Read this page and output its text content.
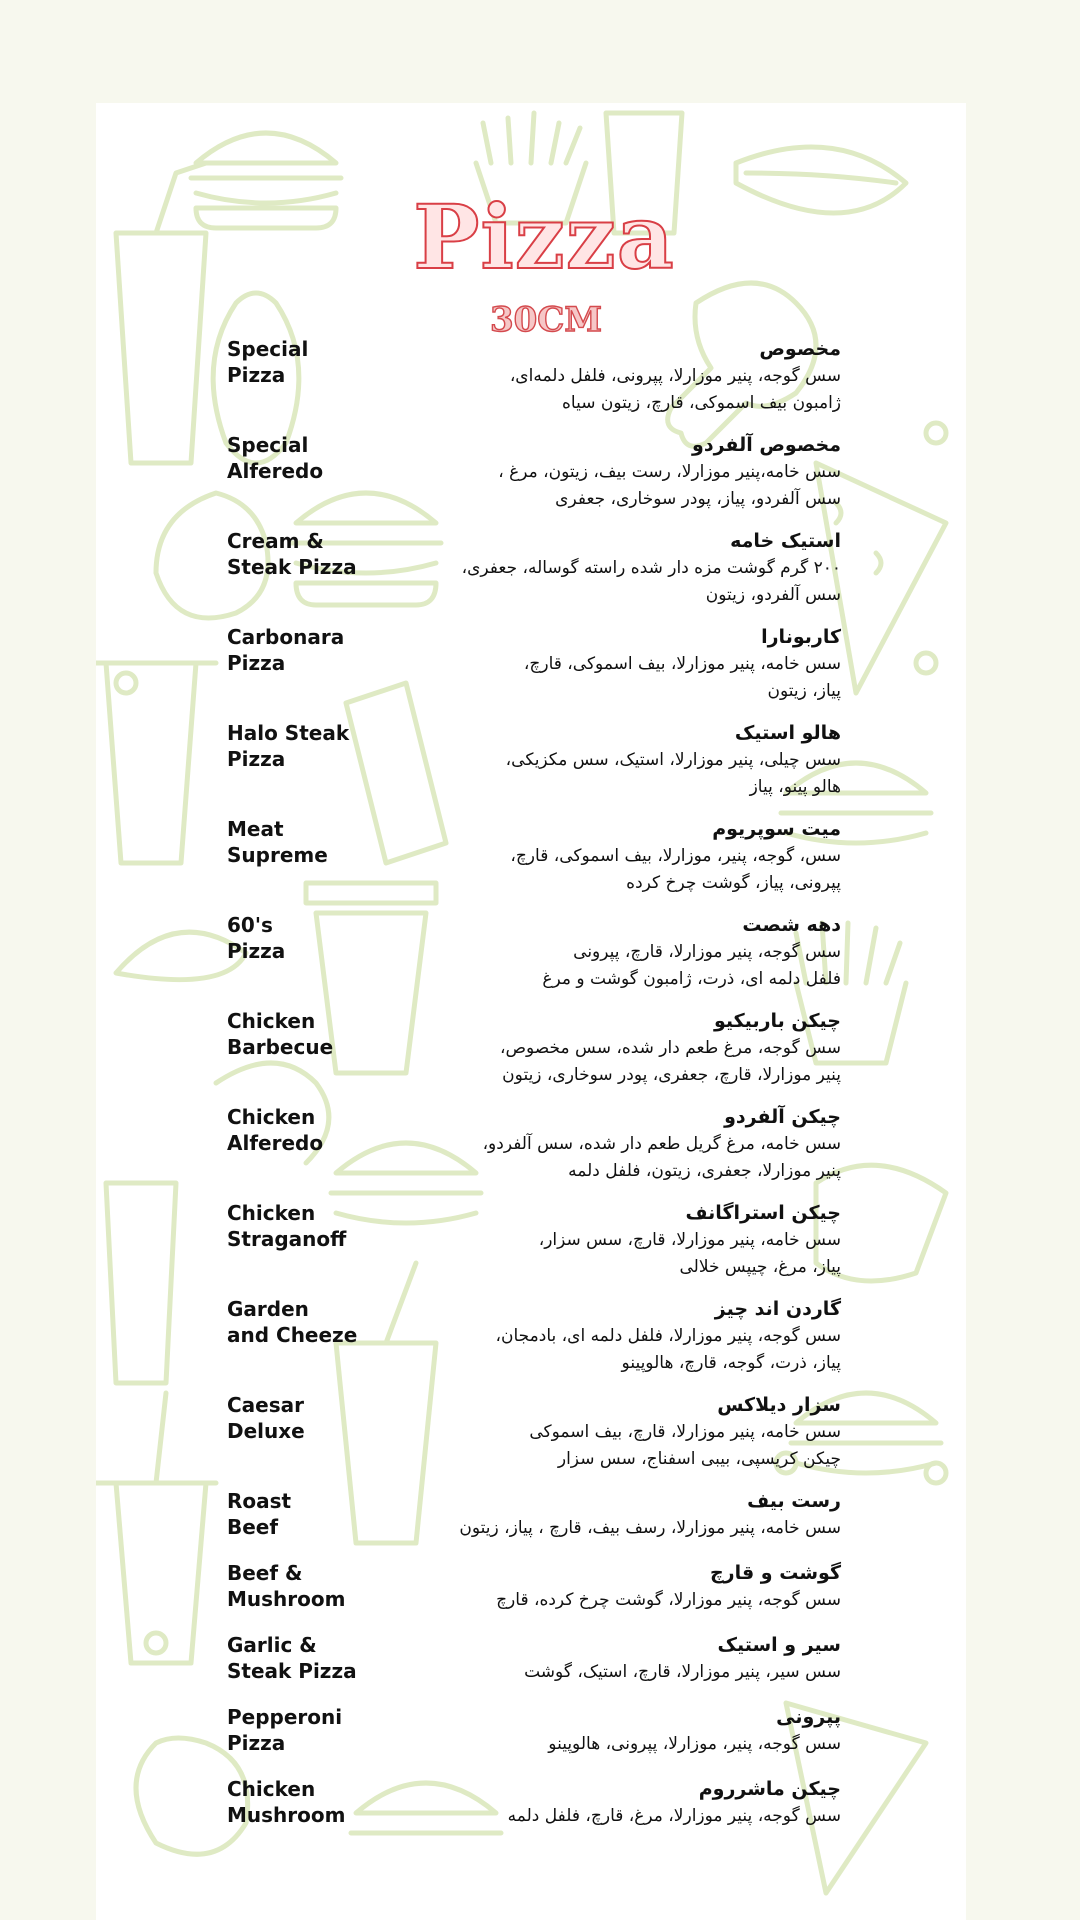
Pizza
30CM
Special
Pizza
مخصوص
سس گوجه، پنیر موزارلا، پپرونی، فلفل دلمه‌ای،
ژامبون بیف اسموکی، قارچ، زیتون سیاه
Special
Alferedo
مخصوص آلفردو
سس خامه،پنیر موزارلا، رست بیف، زیتون، مرغ ،
سس آلفردو، پیاز، پودر سوخاری، جعفری
Cream &
Steak Pizza
استیک خامه
۲۰۰ گرم گوشت مزه دار شده راسته گوساله، جعفری،
سس آلفردو، زیتون
Carbonara
Pizza
کاربونارا
سس خامه، پنیر موزارلا، بیف اسموکی، قارچ،
پیاز، زیتون
Halo Steak
Pizza
هالو استیک
سس چیلی، پنیر موزارلا، استیک، سس مکزیکی،
هالو پینو، پیاز
Meat
Supreme
میت سوپریوم
سس، گوجه، پنیر، موزارلا، بیف اسموکی، قارچ،
پپرونی، پیاز، گوشت چرخ کرده
60's
Pizza
دهه شصت
سس گوجه، پنیر موزارلا، قارچ، پپرونی
فلفل دلمه ای، ذرت، ژامبون گوشت و مرغ
Chicken
Barbecue
چیکن باربیکیو
سس گوجه، مرغ طعم دار شده، سس مخصوص،
پنیر موزارلا، قارچ، جعفری، پودر سوخاری، زیتون
Chicken
Alferedo
چیکن آلفردو
سس خامه، مرغ گریل طعم دار شده، سس آلفردو،
پنیر موزارلا، جعفری، زیتون، فلفل دلمه
Chicken
Straganoff
چیکن استراگانف
سس خامه، پنیر موزارلا، قارچ، سس سزار،
پیاز، مرغ، چیپس خلالی
Garden
and Cheeze
گاردن اند چیز
سس گوجه، پنیر موزارلا، فلفل دلمه ای، بادمجان،
پیاز، ذرت، گوجه، قارچ، هالوپینو
Caesar
Deluxe
سزار دیلاکس
سس خامه، پنیر موزارلا، قارچ، بیف اسموکی
چیکن کریسپی، بیبی اسفناج، سس سزار
Roast
Beef
رست بیف
سس خامه، پنیر موزارلا، رسف بیف، قارچ ، پیاز، زیتون
Beef &
Mushroom
گوشت و قارچ
سس گوجه، پنیر موزارلا، گوشت چرخ کرده، قارچ
Garlic &
Steak Pizza
سیر و استیک
سس سیر، پنیر موزارلا، قارچ، استیک، گوشت
Pepperoni
Pizza
پپرونی
سس گوجه، پنیر، موزارلا، پپرونی، هالوپینو
Chicken
Mushroom
چیکن ماشرروم
سس گوجه، پنیر موزارلا، مرغ، قارچ، فلفل دلمه
